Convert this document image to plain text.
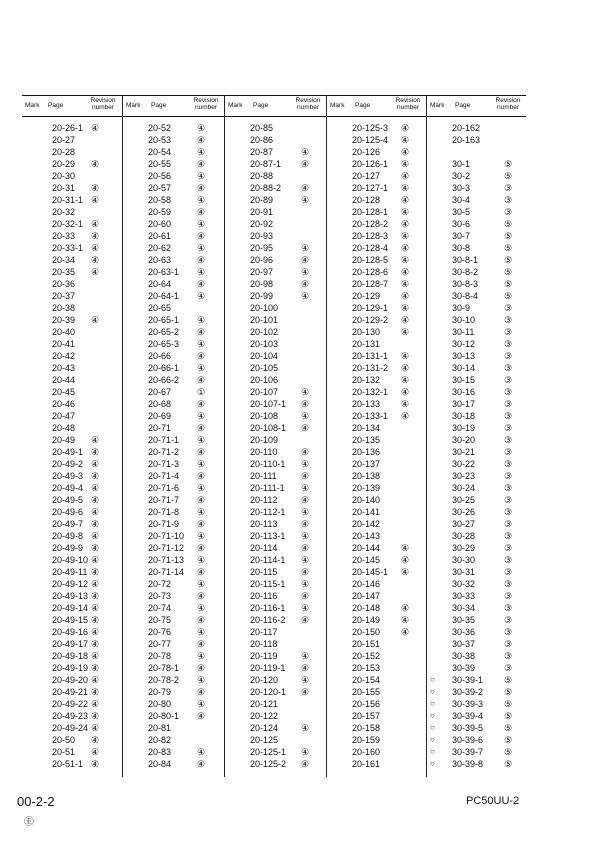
Mark Page
Revision number
20-26-1 ④
20-27
20-28
20-29 ④
20-30
20-31 ④
20-31-1 ④
20-32
20-32-1 ④
20-33 ④
20-33-1 ④
20-34 ④
20-35 ④
20-36
20-37
20-38
20-39 ④
20-40
20-41
20-42
20-43
20-44
20-45
20-46
20-47
20-48
20-49 ④
20-49-1 ④
20-49-2 ④
20-49-3 ④
20-49-4 ④
20-49-5 ④
20-49-6 ④
20-49-7 ④
20-49-8 ④
20-49-9 ④
20-49-10 ④
20-49-11 ④
20-49-12 ④
20-49-13 ④
20-49-14 ④
20-49-15 ④
20-49-16 ④
20-49-17 ④
20-49-18 ④
20-49-19 ④
20-49-20 ④
20-49-21 ④
20-49-22 ④
20-49-23 ④
20-49-24 ④
20-50 ④
20-51 ④
20-51-1 ④
Mark Page
Revision number
20-52	④
20-53	④
20-54	④
20-55	④
20-56	④
20-57	④
20-58	④
20-59	④
20-60	④
20-61	④
20-62	④
20-63	④
20-63-1 ④
20-64	④
20-64-1 ④
20-65
20-65-1 ④
20-65-2 ④
20-65-3 ④
20-66	④
20-66-1 ④
20-66-2 ④
20-67	①
20-68	④
20-69	④
20-71	④
20-71-1 ④
20-71-2 ④
20-71-3 ④
20-71-4 ④
20-71-6 ④
20-71-7 ④
20-71-8 ④
20-71-9 ④
20-71-10 ④
20-71-12 ④
20-71-13 ④
20-71-14 ④
20-72	④
20-73	④
20-74	④
20-75	④
20-76	④
20-77	④
20-78	④
20-78-1 ④
20-78-2 ④
20-79	④
20-80	④
20-80-1 ④
20-81
20-82
20-83	④
20-84	④
Mark Page
Revision number
20-85
20-86
20-87	④
20-87-1 ④
20-88
20-88-2 ④
20-89	④
20-91
20-92
20-93
20-95	④
20-96	④
20-97	④
20-98	④
20-99	④
20-100
20-101
20-102
20-103
20-104
20-105
20-106
20-107	④
20-107-1 ④
20-108	④
20-108-1 ④
20-109
20-110	④
20-110-1 ④
20-111	④
20-111-1 ④
20-112	④
20-112-1 ④
20-113	④
20-113-1 ④
20-114	④
20-114-1 ④
20-115	④
20-115-1 ④
20-116	④
20-116-1 ④
20-116-2 ④
20-117
20-118
20-119	④
20-119-1 ④
20-120	④
20-120-1 ④
20-121
20-122
20-124	④
20-125
20-125-1 ④
20-125-2 ④
Mark Page
Revision number
20-125-3 ④
20-125-4 ④
20-126 ④
20-126-1 ④
20-127 ④
20-127-1 ④
20-128 ④
20-128-1 ④
20-128-2 ④
20-128-3 ④
20-128-4 ④
20-128-5 ④
20-128-6 ④
20-128-7 ④
20-129 ④
20-129-1 ④
20-129-2 ④
20-130 ④
20-131
20-131-1 ④
20-131-2 ④
20-132 ④
20-132-1 ④
20-133 ④
20-133-1 ④
20-134
20-135
20-136
20-137
20-138
20-139
20-140
20-141
20-142
20-143
20-144 ④
20-145 ④
20-145-1 ④
20-146
20-147
20-148 ④
20-149 ④
20-150 ④
20-151
20-152
20-153
20-154
20-155
20-156
20-157
20-158
20-159
20-160
20-161
Mark Page
Revision number
20-162
20-163
30-1	⑤
30-2	⑤
30-3	③
30-4	③
30-5	③
30-6	⑤
30-7	⑤
30-8	⑤
30-8-1	⑤
30-8-2	⑤
30-8-3	⑤
30-8-4	⑤
30-9	③
30-10	③
30-11	③
30-12	③
30-13	③
30-14	③
30-15	③
30-16	③
30-17	③
30-18	③
30-19	③
30-20	③
30-21	③
30-22	③
30-23	③
30-24	③
30-25	③
30-26	③
30-27	③
30-28	③
30-29	③
30-30	③
30-31	③
30-32	③
30-33	③
30-34	③
30-35	③
30-36	③
30-37	③
30-38	③
30-39	③
○ 30-39-1 ⑤
○ 30-39-2 ⑤
○ 30-39-3 ⑤
○ 30-39-4 ⑤
○ 30-39-5 ⑤
○ 30-39-6 ⑤
○ 30-39-7 ⑤
○ 30-39-8 ⑤
00-2-2
Ⓔ
PC50UU-2
